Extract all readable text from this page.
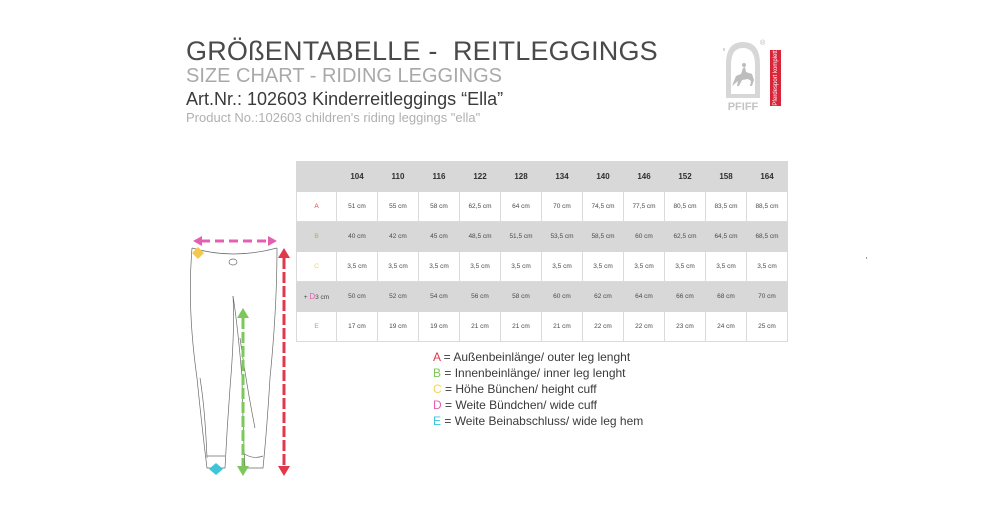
GRÖßENTABELLE -  REITLEGGINGS
SIZE CHART - RIDING LEGGINGS
Art.Nr.: 102603 Kinderreitleggings “Ella”
Product No.:102603 children's riding leggings "ella"
PFIFF
®
Pferdesport komplett
	104	110	116	122	128	134	140	146	152	158	164
A	51 cm	55 cm	58 cm	62,5 cm	64 cm	70 cm	74,5 cm	77,5 cm	80,5 cm	83,5 cm	88,5 cm
B	40 cm	42 cm	45 cm	48,5 cm	51,5 cm	53,5 cm	58,5 cm	60 cm	62,5 cm	64,5 cm	68,5 cm
C	3,5 cm	3,5 cm	3,5 cm	3,5 cm	3,5 cm	3,5 cm	3,5 cm	3,5 cm	3,5 cm	3,5 cm	3,5 cm
+ D3 cm	50 cm	52 cm	54 cm	56 cm	58 cm	60 cm	62 cm	64 cm	66 cm	68 cm	70 cm
E	17 cm	19 cm	19 cm	21 cm	21 cm	21 cm	22 cm	22 cm	23 cm	24 cm	25 cm
A = Außenbeinlänge/ outer leg lenght
B = Innenbeinlänge/ inner leg lenght
C = Höhe Bünchen/ height cuff
D = Weite Bündchen/ wide cuff
E = Weite Beinabschluss/ wide leg hem
